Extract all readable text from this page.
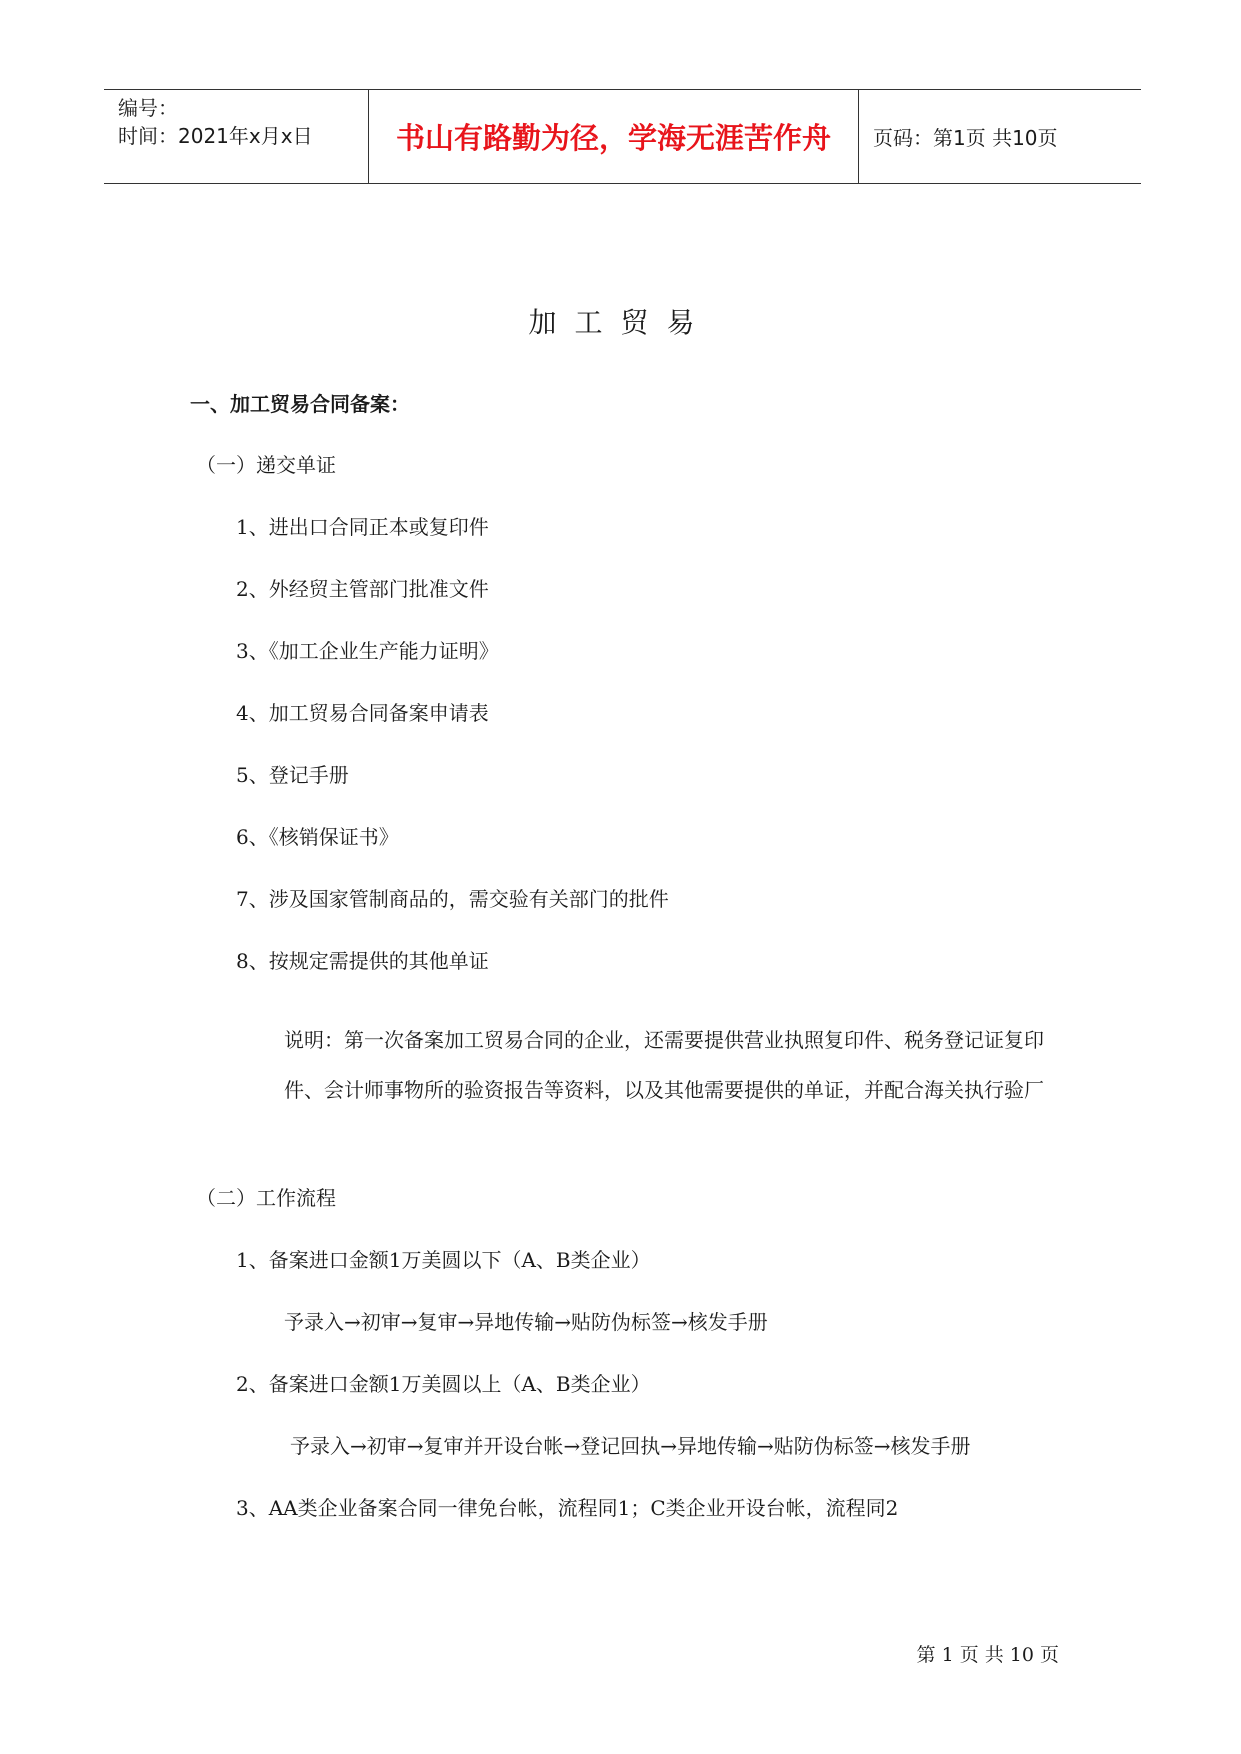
编号：
时间：2021年x月x日	书山有路勤为径，学海无涯苦作舟	页码：第1页 共10页
加工贸易
一、加工贸易合同备案：
（一）递交单证
1、进出口合同正本或复印件
2、外经贸主管部门批准文件
3、《加工企业生产能力证明》
4、加工贸易合同备案申请表
5、登记手册
6、《核销保证书》
7、涉及国家管制商品的，需交验有关部门的批件
8、按规定需提供的其他单证
说明：第一次备案加工贸易合同的企业，还需要提供营业执照复印件、税务登记证复印件、会计师事物所的验资报告等资料，以及其他需要提供的单证，并配合海关执行验厂
（二）工作流程
1、备案进口金额1万美圆以下（A、B类企业）
予录入→初审→复审→异地传输→贴防伪标签→核发手册
2、备案进口金额1万美圆以上（A、B类企业）
予录入→初审→复审并开设台帐→登记回执→异地传输→贴防伪标签→核发手册
3、AA类企业备案合同一律免台帐，流程同1；C类企业开设台帐，流程同2
第 1 页 共 10 页
